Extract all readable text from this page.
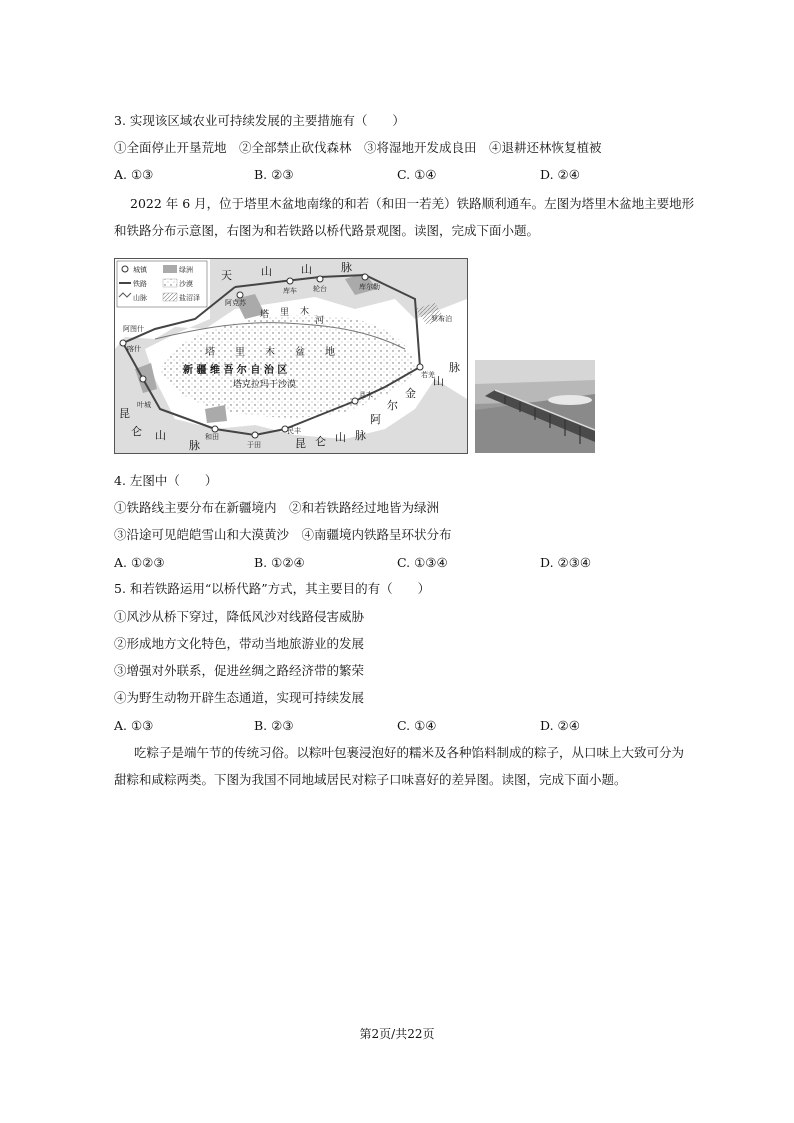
3. 实现该区域农业可持续发展的主要措施有（　　）
①全面停止开垦荒地　②全部禁止砍伐森林　③将湿地开发成良田　④退耕还林恢复植被
A. ①③	B. ②③	C. ①④	D. ②④
2022 年 6 月，位于塔里木盆地南缘的和若（和田一若羌）铁路顺利通车。左图为塔里木盆地主要地形
和铁路分布示意图，右图为和若铁路以桥代路景观图。读图，完成下面小题。
城镇	绿洲
铁路	沙漠
山脉	盐沼泽
天	山	山	脉
塔 里 木
河
塔　　里　　木　　盆　　地
新 疆 维 吾 尔 自 治 区
塔克拉玛干沙漠
昆
仑 山
脉	昆 仑 山 脉
阿
尔
金
山
脉
阿克苏
库车 轮台	库尔勒
阿图什
喀什
叶城
和田
于田
民丰
且末
若羌
罗布泊
4. 左图中（　　）
①铁路线主要分布在新疆境内　②和若铁路经过地皆为绿洲
③沿途可见皑皑雪山和大漠黄沙　④南疆境内铁路呈环状分布
A. ①②③	B. ①②④	C. ①③④	D. ②③④
5. 和若铁路运用“以桥代路”方式，其主要目的有（　　）
①风沙从桥下穿过，降低风沙对线路侵害威胁
②形成地方文化特色，带动当地旅游业的发展
③增强对外联系，促进丝绸之路经济带的繁荣
④为野生动物开辟生态通道，实现可持续发展
A. ①③	B. ②③	C. ①④	D. ②④
吃粽子是端午节的传统习俗。以粽叶包裹浸泡好的糯米及各种馅料制成的粽子，从口味上大致可分为
甜粽和咸粽两类。下图为我国不同地域居民对粽子口味喜好的差异图。读图，完成下面小题。
第2页/共22页
